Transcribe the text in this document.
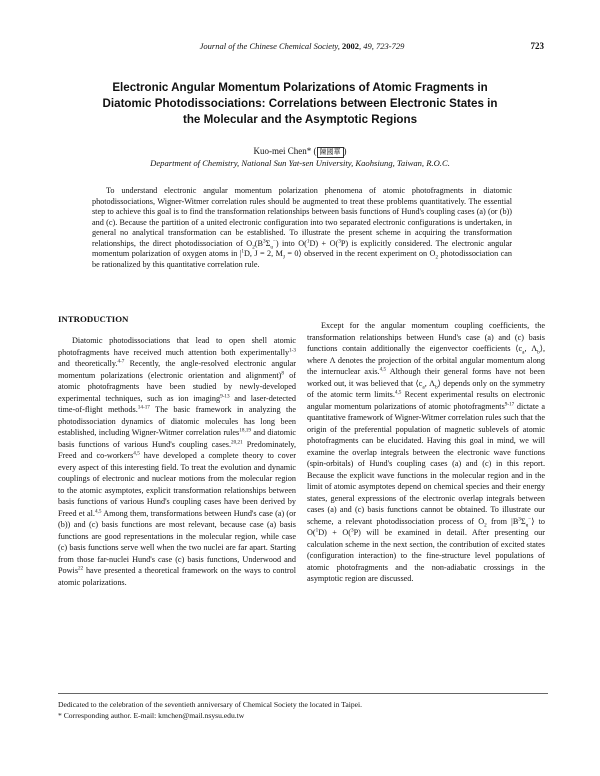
Journal of the Chinese Chemical Society, 2002, 49, 723-729	723
Electronic Angular Momentum Polarizations of Atomic Fragments in
Diatomic Photodissociations: Correlations between Electronic States in
the Molecular and the Asymptotic Regions
Kuo-mei Chen* ( 陳國華 )
Department of Chemistry, National Sun Yat-sen University, Kaohsiung, Taiwan, R.O.C.

To understand electronic angular momentum polarization phenomena of atomic photofragments in diatomic photodissociations, Wigner-Witmer correlation rules should be augmented to treat these problems quantitatively. The essential step to achieve this goal is to find the transformation relationships between basis functions of Hund's coupling cases (a) (or (b)) and (c). Because the partition of a united electronic configuration into two separated electronic configurations is undertaken, in general no analytical transformation can be established. To illustrate the present scheme in acquiring the transformation relationships, the direct photodissociation of $O_2(B^3\Sigma_u^-)$ into O($^1$D) + O($^3$P) is explicitly considered. The electronic angular momentum polarization of oxygen atoms in $|^1D$, J = 2, $M_J$ = 0⟩ observed in the recent experiment on $O_2$ photodissociation can be rationalized by this quantitative correlation rule.

INTRODUCTION

Diatomic photodissociations that lead to open shell atomic photofragments have received much attention both experimentally$^{1-3}$ and theoretically.$^{4-7}$ Recently, the angle-resolved electronic angular momentum polarizations (electronic orientation and alignment)$^8$ of atomic photofragments have been studied by newly-developed experimental techniques, such as ion imaging$^{9-13}$ and laser-detected time-of-flight methods.$^{14-17}$ The basic framework in analyzing the photodissociation dynamics of diatomic molecules has long been established, including Wigner-Witmer correlation rules$^{18,19}$ and diatomic basis functions of various Hund's coupling cases.$^{20,21}$ Predominately, Freed and co-workers$^{4,5}$ have developed a complete theory to cover every aspect of this interesting field. To treat the evolution and dynamic couplings of electronic and nuclear motions from the molecular region to the atomic asymptotes, explicit transformation relationships between basis functions of various Hund's coupling cases have been derived by Freed et al.$^{4,5}$ Among them, transformations between Hund's case (a) (or (b)) and (c) basis functions are most relevant, because case (a) basis functions are good representations in the molecular region, while case (c) basis functions serve well when the two nuclei are far apart. Starting from those far-nuclei Hund's case (c) basis functions, Underwood and Powis$^{22}$ have presented a theoretical framework on the ways to control atomic polarizations.

Except for the angular momentum coupling coefficients, the transformation relationships between Hund's case (a) and (c) basis functions contain additionally the eigenvector coefficients $⟨c_a$, $\Lambda_b⟩$, where Λ denotes the projection of the orbital angular momentum along the internuclear axis.$^{4,5}$ Although their general forms have not been worked out, it was believed that $⟨c_a$, $\Lambda_b⟩$ depends only on the symmetry of the atomic term limits.$^{4,5}$ Recent experimental results on electronic angular momentum polarizations of atomic photofragments$^{9-17}$ dictate a quantitative framework of Wigner-Witmer correlation rules such that the origin of the preferential population of magnetic sublevels of atomic photofragments can be elucidated. Having this goal in mind, we will examine the overlap integrals between the electronic wave functions (spin-orbitals) of Hund's coupling cases (a) and (c) in this report. Because the explicit wave functions in the molecular region and in the limit of atomic asymptotes depend on chemical species and their energy states, general expressions of the electronic overlap integrals between cases (a) and (c) basis functions cannot be obtained. To illustrate our scheme, a relevant photodissociation process of $O_2$ from $|B^3\Sigma_u^-⟩$ to O($^1$D) + O($^3$P) will be examined in detail. After presenting our calculation scheme in the next section, the contribution of excited states (configuration interaction) to the fine-structure level populations of atomic photofragments and the non-adiabatic crossings in the asymptotic region are discussed.

Dedicated to the celebration of the seventieth anniversary of Chemical Society the located in Taipei.
* Corresponding author. E-mail: kmchen@mail.nsysu.edu.tw
